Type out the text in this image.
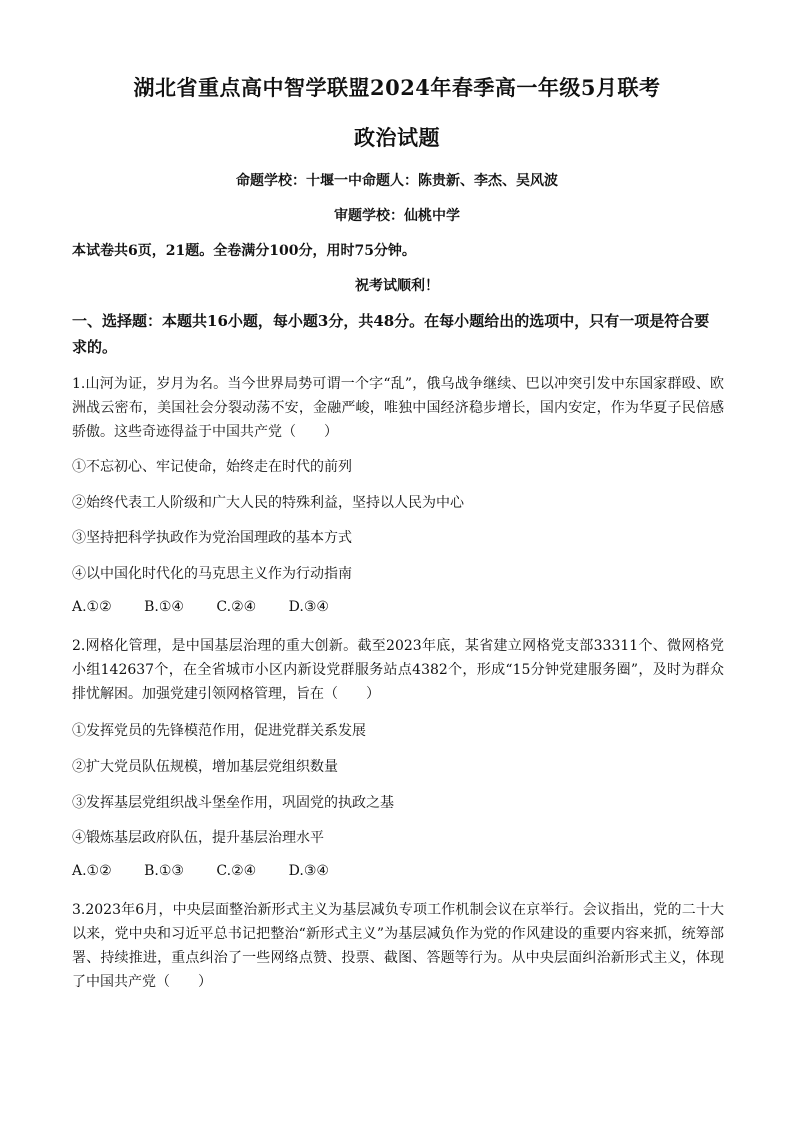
湖北省重点高中智学联盟2024年春季高一年级5月联考
政治试题
命题学校：十堰一中命题人：陈贵新、李杰、吴风波
审题学校：仙桃中学
本试卷共6页，21题。全卷满分100分，用时75分钟。
祝考试顺利！
一、选择题：本题共16小题，每小题3分，共48分。在每小题给出的选项中，只有一项是符合要求的。
1.山河为证，岁月为名。当今世界局势可谓一个字“乱”，俄乌战争继续、巴以冲突引发中东国家群殴、欧洲战云密布，美国社会分裂动荡不安，金融严峻，唯独中国经济稳步增长，国内安定，作为华夏子民倍感骄傲。这些奇迹得益于中国共产党（　　）
①不忘初心、牢记使命，始终走在时代的前列
②始终代表工人阶级和广大人民的特殊利益，坚持以人民为中心
③坚持把科学执政作为党治国理政的基本方式
④以中国化时代化的马克思主义作为行动指南
A.①② B.①④ C.②④ D.③④
2.网格化管理，是中国基层治理的重大创新。截至2023年底，某省建立网格党支部33311个、微网格党小组142637个，在全省城市小区内新设党群服务站点4382个，形成“15分钟党建服务圈”，及时为群众排忧解困。加强党建引领网格管理，旨在（　　）
①发挥党员的先锋模范作用，促进党群关系发展
②扩大党员队伍规模，增加基层党组织数量
③发挥基层党组织战斗堡垒作用，巩固党的执政之基
④锻炼基层政府队伍，提升基层治理水平
A.①② B.①③ C.②④ D.③④
3.2023年6月，中央层面整治新形式主义为基层减负专项工作机制会议在京举行。会议指出，党的二十大以来，党中央和习近平总书记把整治“新形式主义”为基层减负作为党的作风建设的重要内容来抓，统筹部署、持续推进，重点纠治了一些网络点赞、投票、截图、答题等行为。从中央层面纠治新形式主义，体现了中国共产党（　　）
